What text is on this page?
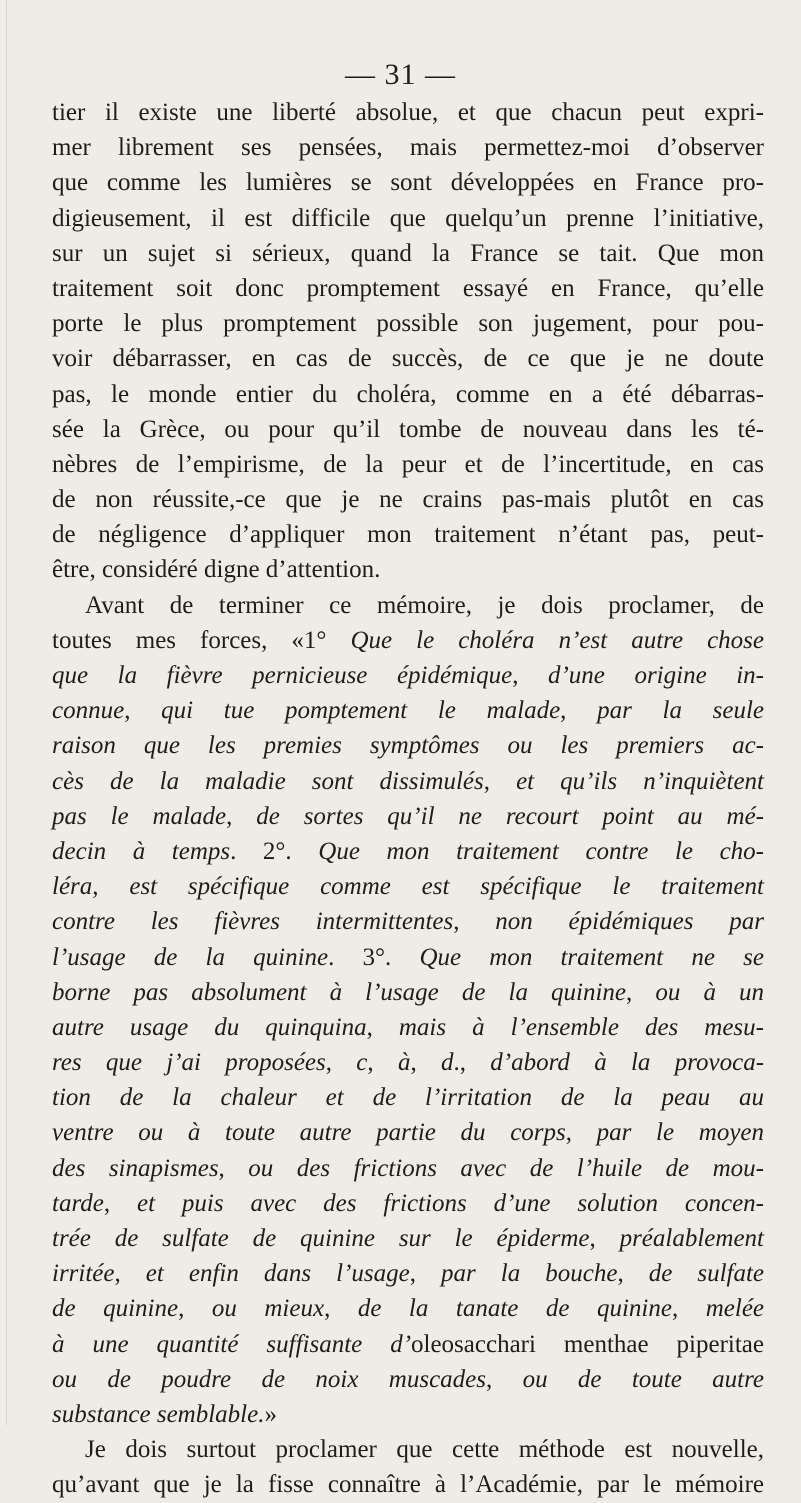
— 31 —
tier il existe une liberté absolue, et que chacun peut expri-
mer librement ses pensées, mais permettez-moi d’observer
que comme les lumières se sont développées en France pro-
digieusement, il est difficile que quelqu’un prenne l’initiative,
sur un sujet si sérieux, quand la France se tait. Que mon
traitement soit donc promptement essayé en France, qu’elle
porte le plus promptement possible son jugement, pour pou-
voir débarrasser, en cas de succès, de ce que je ne doute
pas, le monde entier du choléra, comme en a été débarras-
sée la Grèce, ou pour qu’il tombe de nouveau dans les té-
nèbres de l’empirisme, de la peur et de l’incertitude, en cas
de non réussite,-ce que je ne crains pas-mais plutôt en cas
de négligence d’appliquer mon traitement n’étant pas, peut-
être, considéré digne d’attention.
Avant de terminer ce mémoire, je dois proclamer, de
toutes mes forces, «1° Que le choléra n’est autre chose
que la fièvre pernicieuse épidémique, d’une origine in-
connue, qui tue pomptement le malade, par la seule
raison que les premies symptômes ou les premiers ac-
cès de la maladie sont dissimulés, et qu’ils n’inquiètent
pas le malade, de sortes qu’il ne recourt point au mé-
decin à temps. 2°. Que mon traitement contre le cho-
léra, est spécifique comme est spécifique le traitement
contre les fièvres intermittentes, non épidémiques par
l’usage de la quinine. 3°. Que mon traitement ne se
borne pas absolument à l’usage de la quinine, ou à un
autre usage du quinquina, mais à l’ensemble des mesu-
res que j’ai proposées, c, à, d., d’abord à la provoca-
tion de la chaleur et de l’irritation de la peau au
ventre ou à toute autre partie du corps, par le moyen
des sinapismes, ou des frictions avec de l’huile de mou-
tarde, et puis avec des frictions d’une solution concen-
trée de sulfate de quinine sur le épiderme, préalablement
irritée, et enfin dans l’usage, par la bouche, de sulfate
de quinine, ou mieux, de la tanate de quinine, melée
à une quantité suffisante d’oleosacchari menthae piperitae
ou de poudre de noix muscades, ou de toute autre
substance semblable.»
Je dois surtout proclamer que cette méthode est nouvelle,
qu’avant que je la fisse connaître à l’Académie, par le mémoire
